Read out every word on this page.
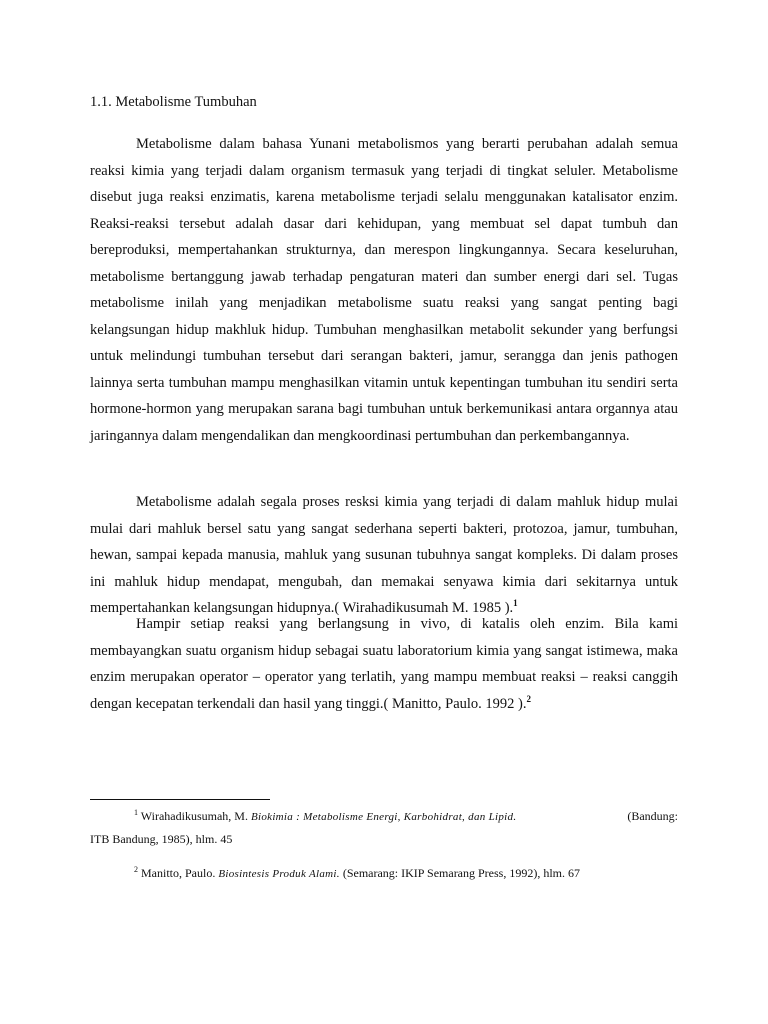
1.1. Metabolisme Tumbuhan

Metabolisme dalam bahasa Yunani metabolismos yang berarti perubahan adalah semua reaksi kimia yang terjadi dalam organism termasuk yang terjadi di tingkat seluler. Metabolisme disebut juga reaksi enzimatis, karena metabolisme terjadi selalu menggunakan katalisator enzim. Reaksi-reaksi tersebut adalah dasar dari kehidupan, yang membuat sel dapat tumbuh dan bereproduksi, mempertahankan strukturnya, dan merespon lingkungannya. Secara keseluruhan, metabolisme bertanggung jawab terhadap pengaturan materi dan sumber energi dari sel. Tugas metabolisme inilah yang menjadikan metabolisme suatu reaksi yang sangat penting bagi kelangsungan hidup makhluk hidup. Tumbuhan menghasilkan metabolit sekunder yang berfungsi untuk melindungi tumbuhan tersebut dari serangan bakteri, jamur, serangga dan jenis pathogen lainnya serta tumbuhan mampu menghasilkan vitamin untuk kepentingan tumbuhan itu sendiri serta hormone-hormon yang merupakan sarana bagi tumbuhan untuk berkemunikasi antara organnya atau jaringannya dalam mengendalikan dan mengkoordinasi pertumbuhan dan perkembangannya.

Metabolisme adalah segala proses resksi kimia yang terjadi di dalam mahluk hidup mulai mulai dari mahluk bersel satu yang sangat sederhana seperti bakteri, protozoa, jamur, tumbuhan, hewan, sampai kepada manusia, mahluk yang susunan tubuhnya sangat kompleks. Di dalam proses ini mahluk hidup mendapat, mengubah, dan memakai senyawa kimia dari sekitarnya untuk mempertahankan kelangsungan hidupnya.( Wirahadikusumah M. 1985 ).$^1$

Hampir setiap reaksi yang berlangsung in vivo, di katalis oleh enzim. Bila kami membayangkan suatu organism hidup sebagai suatu laboratorium kimia yang sangat istimewa, maka enzim merupakan operator – operator yang terlatih, yang mampu membuat reaksi – reaksi canggih dengan kecepatan terkendali dan hasil yang tinggi.( Manitto, Paulo. 1992 ).$^2$

$^1$ Wirahadikusumah, M. Biokimia : Metabolisme Energi, Karbohidrat, dan Lipid.	(Bandung:
ITB Bandung, 1985), hlm. 45
$^2$ Manitto, Paulo. Biosintesis Produk Alami. (Semarang: IKIP Semarang Press, 1992), hlm. 67
